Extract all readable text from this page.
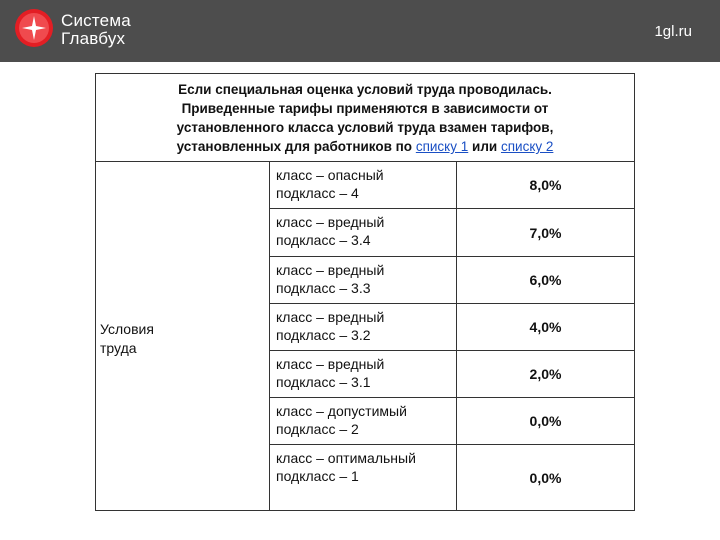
Система
Главбух	1gl.ru
Если специальная оценка условий труда проводилась.
Приведенные тарифы применяются в зависимости от
установленного класса условий труда взамен тарифов,
установленных для работников по списку 1 или списку 2
Условия
труда
класс – опасный
подкласс – 4	8,0%
класс – вредный
подкласс – 3.4	7,0%
класс – вредный
подкласс – 3.3	6,0%
класс – вредный
подкласс – 3.2	4,0%
класс – вредный
подкласс – 3.1	2,0%
класс – допустимый
подкласс – 2	0,0%
класс – оптимальный
подкласс – 1	0,0%
